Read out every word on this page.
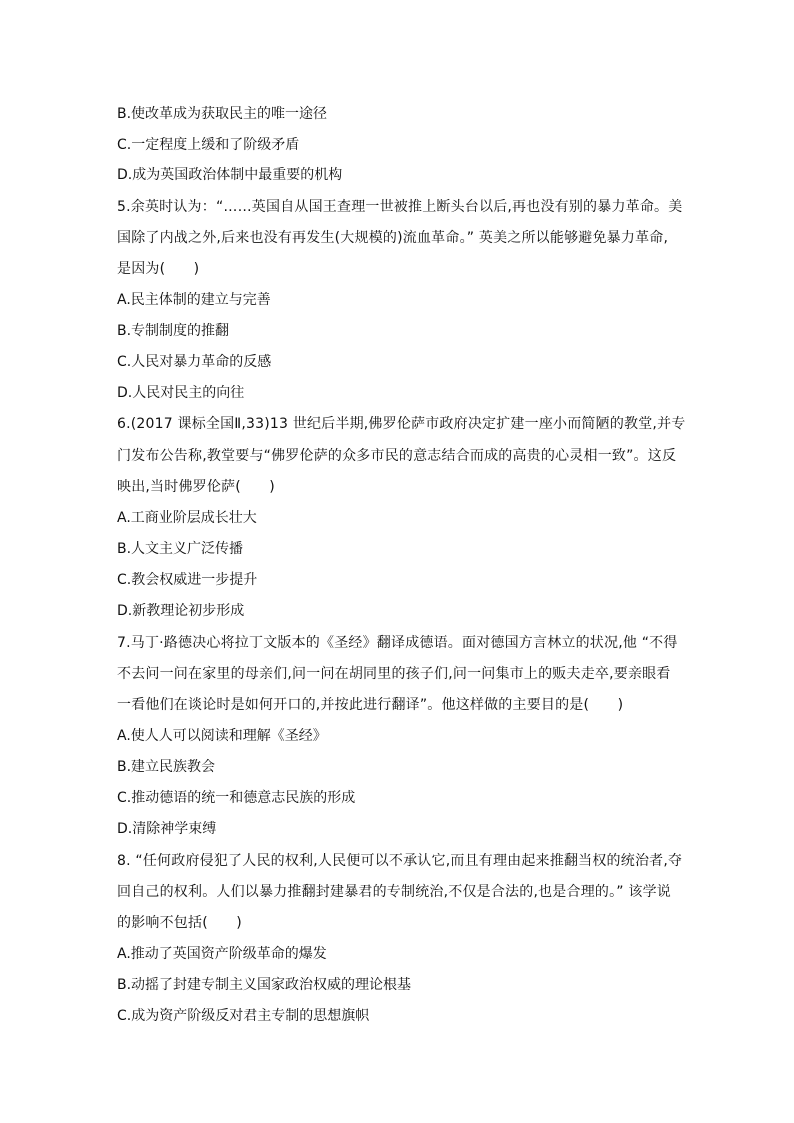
B.使改革成为获取民主的唯一途径
C.一定程度上缓和了阶级矛盾
D.成为英国政治体制中最重要的机构
5.余英时认为：“……英国自从国王查理一世被推上断头台以后,再也没有别的暴力革命。美
国除了内战之外,后来也没有再发生(大规模的)流血革命。” 英美之所以能够避免暴力革命,
是因为(　　)
A.民主体制的建立与完善
B.专制制度的推翻
C.人民对暴力革命的反感
D.人民对民主的向往
6.(2017 课标全国Ⅱ,33)13 世纪后半期,佛罗伦萨市政府决定扩建一座小而简陋的教堂,并专
门发布公告称,教堂要与“佛罗伦萨的众多市民的意志结合而成的高贵的心灵相一致”。这反
映出,当时佛罗伦萨(　　)
A.工商业阶层成长壮大
B.人文主义广泛传播
C.教会权威进一步提升
D.新教理论初步形成
7.马丁·路德决心将拉丁文版本的《圣经》翻译成德语。面对德国方言林立的状况,他 “不得
不去问一问在家里的母亲们,问一问在胡同里的孩子们,问一问集市上的贩夫走卒,要亲眼看
一看他们在谈论时是如何开口的,并按此进行翻译”。他这样做的主要目的是(　　)
A.使人人可以阅读和理解《圣经》
B.建立民族教会
C.推动德语的统一和德意志民族的形成
D.清除神学束缚
8. “任何政府侵犯了人民的权利,人民便可以不承认它,而且有理由起来推翻当权的统治者,夺
回自己的权利。人们以暴力推翻封建暴君的专制统治,不仅是合法的,也是合理的。” 该学说
的影响不包括(　　)
A.推动了英国资产阶级革命的爆发
B.动摇了封建专制主义国家政治权威的理论根基
C.成为资产阶级反对君主专制的思想旗帜
